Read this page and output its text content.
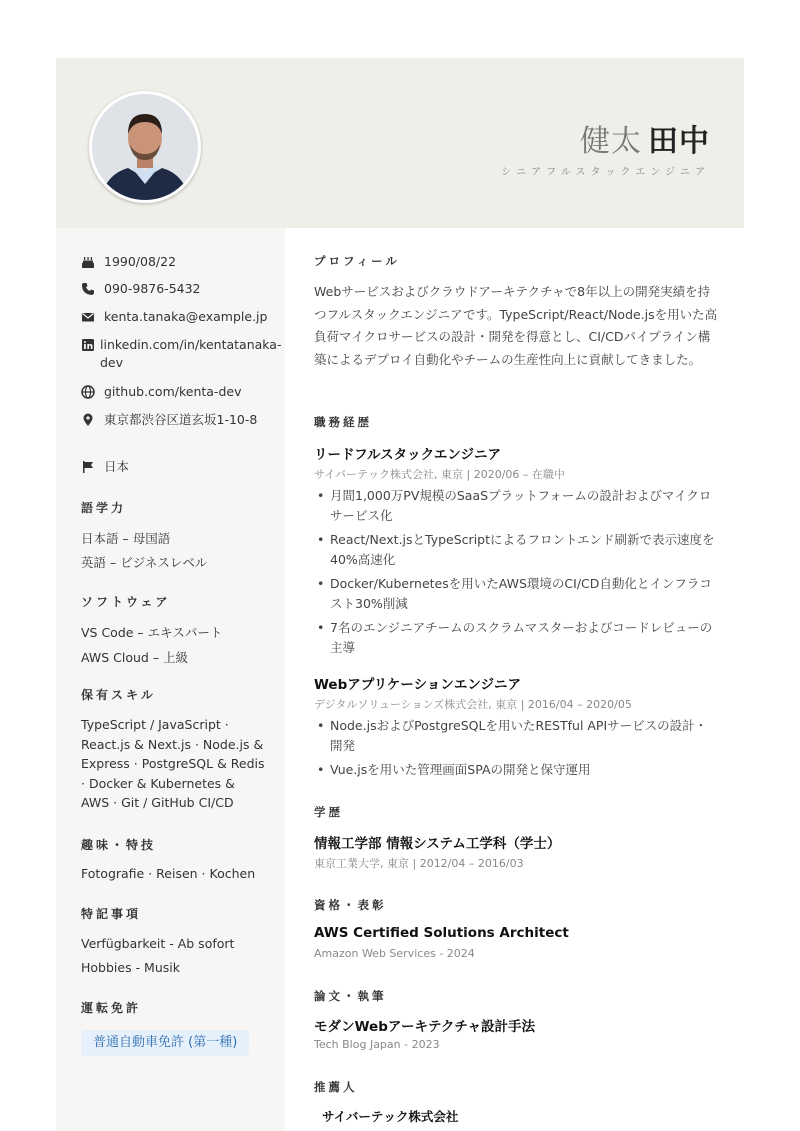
健太 田中
シニアフルスタックエンジニア
1990/08/22
090-9876-5432
kenta.tanaka@example.jp
linkedin.com/in/kentatanaka-dev
github.com/kenta-dev
東京都渋谷区道玄坂1-10-8
日本
語学力
日本語 – 母国語
英語 – ビジネスレベル
ソフトウェア
VS Code – エキスパート
AWS Cloud – 上級
保有スキル
TypeScript / JavaScript · React.js & Next.js · Node.js & Express · PostgreSQL & Redis · Docker & Kubernetes & AWS · Git / GitHub CI/CD
趣味・特技
Fotografie · Reisen · Kochen
特記事項
Verfügbarkeit - Ab sofort
Hobbies - Musik
運転免許
普通自動車免許 (第一種)
プロフィール
Webサービスおよびクラウドアーキテクチャで8年以上の開発実績を持つフルスタックエンジニアです。TypeScript/React/Node.jsを用いた高負荷マイクロサービスの設計・開発を得意とし、CI/CDパイプライン構築によるデプロイ自動化やチームの生産性向上に貢献してきました。
職務経歴
リードフルスタックエンジニア
サイバーテック株式会社, 東京 | 2020/06 – 在職中
• 月間1,000万PV規模のSaaSプラットフォームの設計およびマイクロサービス化
• React/Next.jsとTypeScriptによるフロントエンド刷新で表示速度を40%高速化
• Docker/Kubernetesを用いたAWS環境のCI/CD自動化とインフラコスト30%削減
• 7名のエンジニアチームのスクラムマスターおよびコードレビューの主導
Webアプリケーションエンジニア
デジタルソリューションズ株式会社, 東京 | 2016/04 – 2020/05
• Node.jsおよびPostgreSQLを用いたRESTful APIサービスの設計・開発
• Vue.jsを用いた管理画面SPAの開発と保守運用
学歴
情報工学部 情報システム工学科（学士）
東京工業大学, 東京 | 2012/04 – 2016/03
資格・表彰
AWS Certified Solutions Architect
Amazon Web Services - 2024
論文・執筆
モダンWebアーキテクチャ設計手法
Tech Blog Japan - 2023
推薦人
サイバーテック株式会社
